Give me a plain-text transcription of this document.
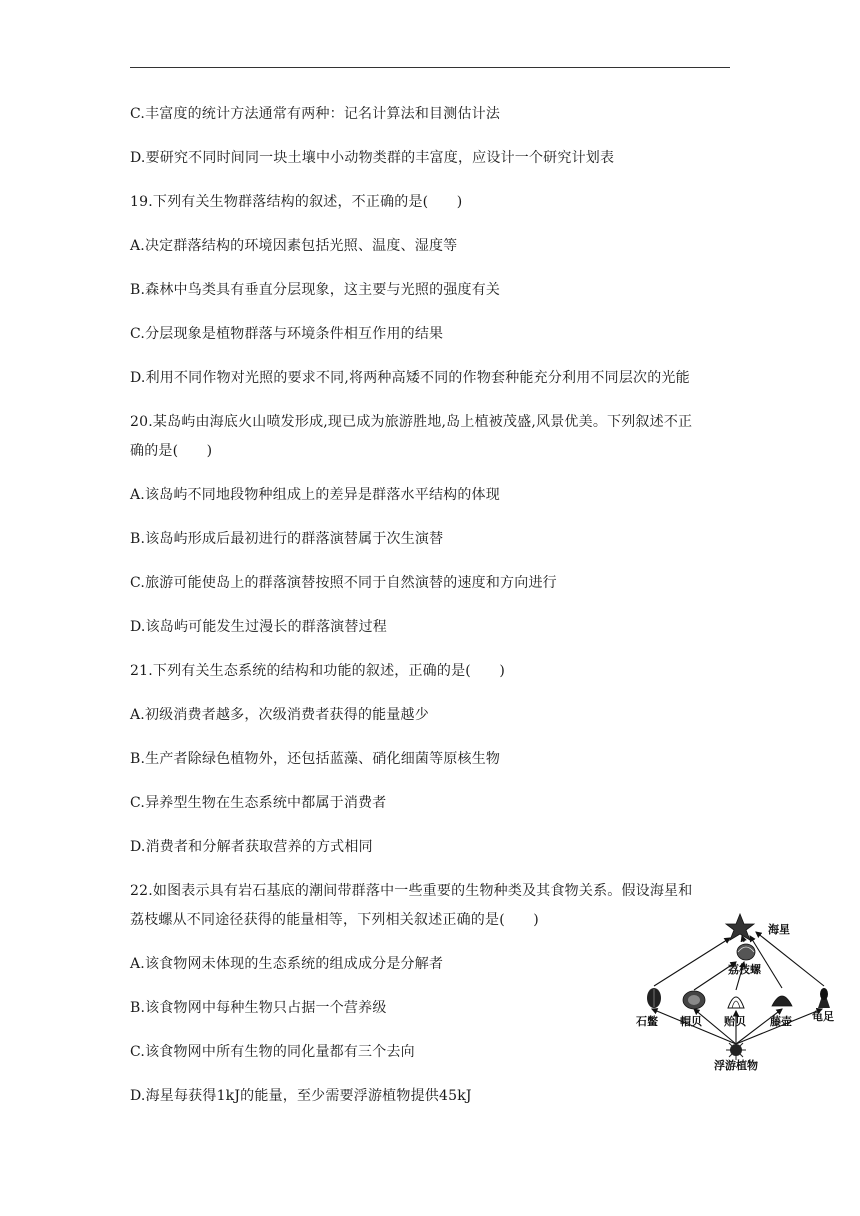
C.丰富度的统计方法通常有两种：记名计算法和目测估计法
D.要研究不同时间同一块土壤中小动物类群的丰富度，应设计一个研究计划表
19.下列有关生物群落结构的叙述，不正确的是(　　)
A.决定群落结构的环境因素包括光照、温度、湿度等
B.森林中鸟类具有垂直分层现象，这主要与光照的强度有关
C.分层现象是植物群落与环境条件相互作用的结果
D.利用不同作物对光照的要求不同,将两种高矮不同的作物套种能充分利用不同层次的光能
20.某岛屿由海底火山喷发形成,现已成为旅游胜地,岛上植被茂盛,风景优美。下列叙述不正
确的是(　　)
A.该岛屿不同地段物种组成上的差异是群落水平结构的体现
B.该岛屿形成后最初进行的群落演替属于次生演替
C.旅游可能使岛上的群落演替按照不同于自然演替的速度和方向进行
D.该岛屿可能发生过漫长的群落演替过程
21.下列有关生态系统的结构和功能的叙述，正确的是(　　)
A.初级消费者越多，次级消费者获得的能量越少
B.生产者除绿色植物外，还包括蓝藻、硝化细菌等原核生物
C.异养型生物在生态系统中都属于消费者
D.消费者和分解者获取营养的方式相同
22.如图表示具有岩石基底的潮间带群落中一些重要的生物种类及其食物关系。假设海星和
荔枝螺从不同途径获得的能量相等，下列相关叙述正确的是(　　)
A.该食物网未体现的生态系统的组成成分是分解者
B.该食物网中每种生物只占据一个营养级
C.该食物网中所有生物的同化量都有三个去向
D.海星每获得1kJ的能量，至少需要浮游植物提供45kJ
海星
荔枝螺
石鳖 帽贝 贻贝 藤壶 龟足
浮游植物
